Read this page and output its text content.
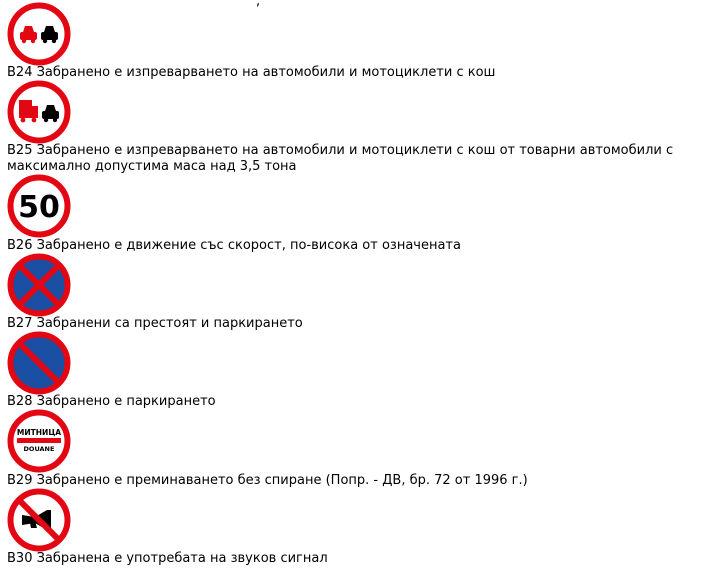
,
В24 Забранено е изпреварването на автомобили и мотоциклети с кош
В25 Забранено е изпреварването на автомобили и мотоциклети с кош от товарни автомобили с максимално допустима маса над 3,5 тона
50
В26 Забранено е движение със скорост, по-висока от означената
В27 Забранени са престоят и паркирането
В28 Забранено е паркирането
МИТНИЦА
DOUANE
В29 Забранено е преминаването без спиране (Попр. - ДВ, бр. 72 от 1996 г.)
В30 Забранена е употребата на звуков сигнал
